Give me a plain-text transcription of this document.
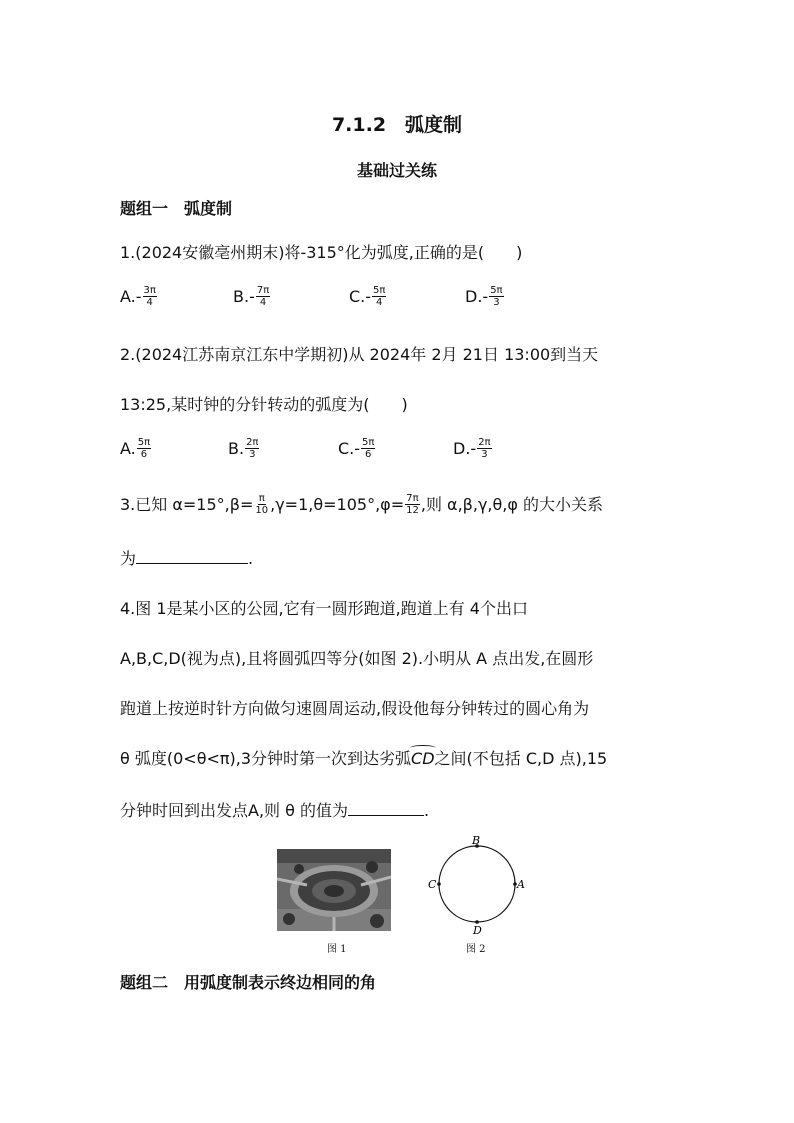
7.1.2　弧度制
基础过关练
题组一　弧度制
1.(2024安徽亳州期末)将-315°化为弧度,正确的是(　　)
$A.- \frac{3\pi}{4}$	$B.- \frac{7\pi}{4}$	$C.- \frac{5\pi}{4}$	$D.- \frac{5\pi}{3}$
2.(2024江苏南京江东中学期初)从 2024年 2月 21日 13:00到当天
13:25,某时钟的分针转动的弧度为(　　)
A. $\frac{5\pi}{6}$	B. $\frac{2\pi}{3}$	$C.- \frac{5\pi}{6}$	$D.- \frac{2\pi}{3}$
3.已知 $\alpha=15^\circ,\beta= \frac{\pi}{10} ,\gamma=1,\theta=105^\circ,\varphi= \frac{7\pi}{12}$ ,则 α,β,γ,θ,φ 的大小关系
为	.
4.图 1是某小区的公园,它有一圆形跑道,跑道上有 4个出口
A,B,C,D(视为点),且将圆弧四等分(如图 2).小明从 A 点出发,在圆形
跑道上按逆时针方向做匀速圆周运动,假设他每分钟转过的圆心角为
θ 弧度(0<θ<π),3分钟时第一次到达劣弧
CD之间(不包括 C,D 点),15
分钟时回到出发点A,则 θ 的值为	.
图 1
A
B
C
D
图 2
题组二　用弧度制表示终边相同的角
